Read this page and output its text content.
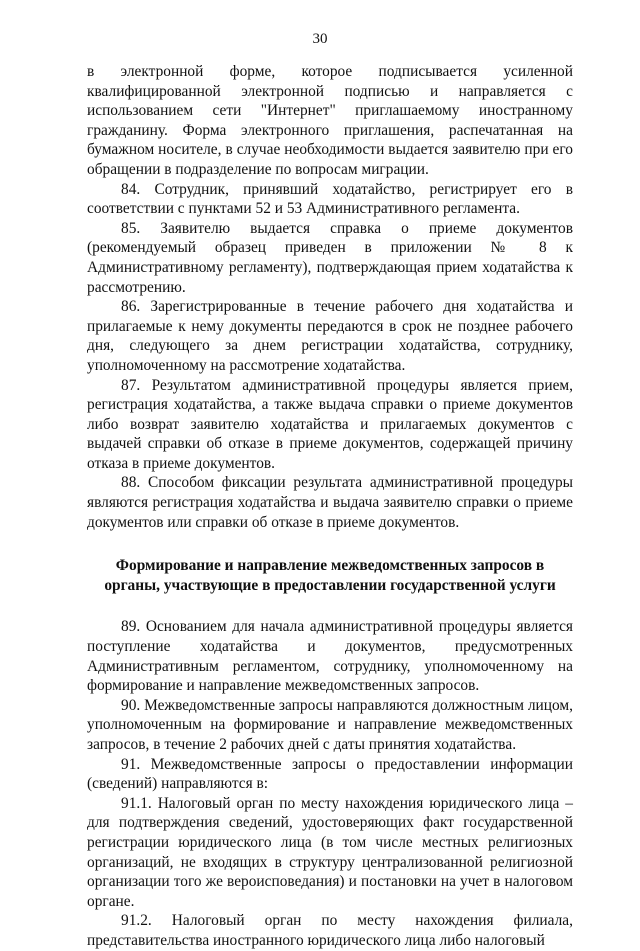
30

в электронной форме, которое подписывается усиленной квалифицированной электронной подписью и направляется с использованием сети "Интернет" приглашаемому иностранному гражданину. Форма электронного приглашения, распечатанная на бумажном носителе, в случае необходимости выдается заявителю при его обращении в подразделение по вопросам миграции.

84. Сотрудник, принявший ходатайство, регистрирует его в соответствии с пунктами 52 и 53 Административного регламента.

85. Заявителю выдается справка о приеме документов (рекомендуемый образец приведен в приложении № 8 к Административному регламенту), подтверждающая прием ходатайства к рассмотрению.

86. Зарегистрированные в течение рабочего дня ходатайства и прилагаемые к нему документы передаются в срок не позднее рабочего дня, следующего за днем регистрации ходатайства, сотруднику, уполномоченному на рассмотрение ходатайства.

87. Результатом административной процедуры является прием, регистрация ходатайства, а также выдача справки о приеме документов либо возврат заявителю ходатайства и прилагаемых документов с выдачей справки об отказе в приеме документов, содержащей причину отказа в приеме документов.

88. Способом фиксации результата административной процедуры являются регистрация ходатайства и выдача заявителю справки о приеме документов или справки об отказе в приеме документов.

Формирование и направление межведомственных запросов в органы, участвующие в предоставлении государственной услуги

89. Основанием для начала административной процедуры является поступление ходатайства и документов, предусмотренных Административным регламентом, сотруднику, уполномоченному на формирование и направление межведомственных запросов.

90. Межведомственные запросы направляются должностным лицом, уполномоченным на формирование и направление межведомственных запросов, в течение 2 рабочих дней с даты принятия ходатайства.

91. Межведомственные запросы о предоставлении информации (сведений) направляются в:

91.1. Налоговый орган по месту нахождения юридического лица – для подтверждения сведений, удостоверяющих факт государственной регистрации юридического лица (в том числе местных религиозных организаций, не входящих в структуру централизованной религиозной организации того же вероисповедания) и постановки на учет в налоговом органе.

91.2. Налоговый орган по месту нахождения филиала, представительства иностранного юридического лица либо налоговый
